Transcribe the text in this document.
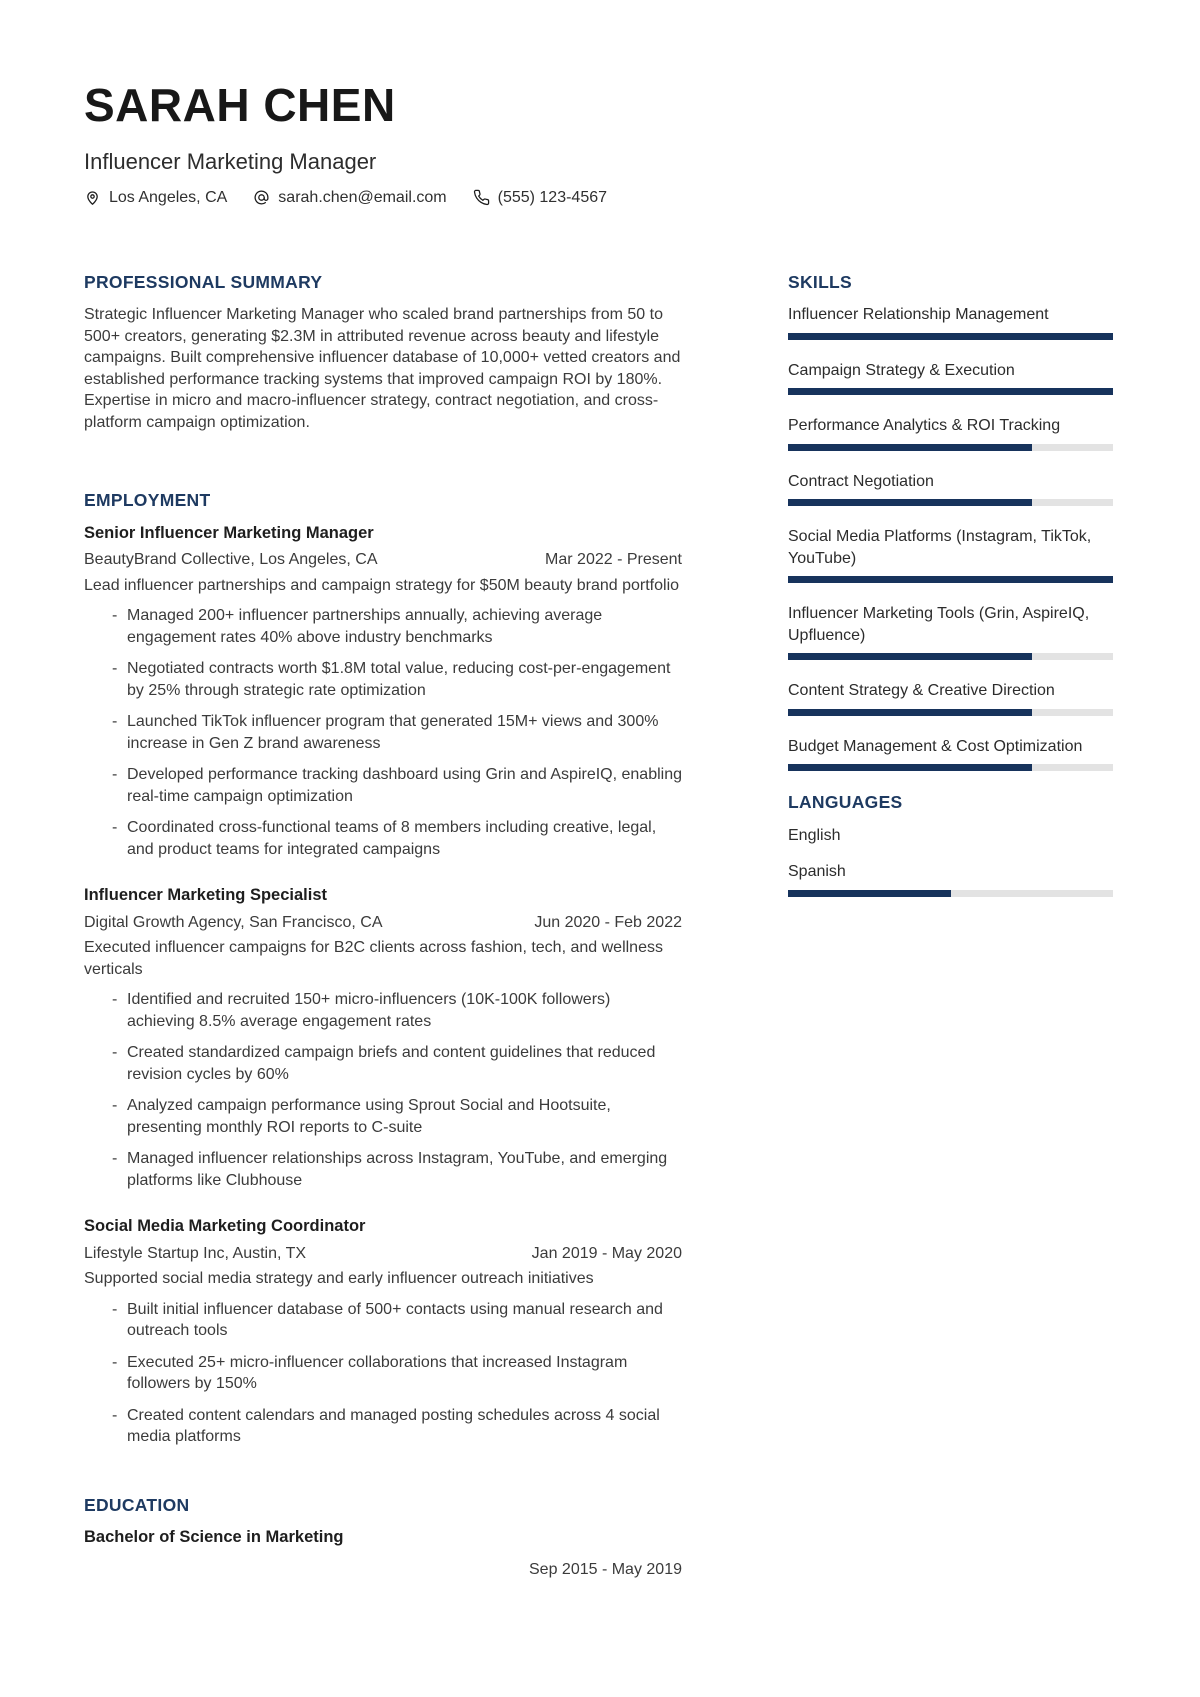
SARAH CHEN
Influencer Marketing Manager
Los Angeles, CA	sarah.chen@email.com	(555) 123-4567
PROFESSIONAL SUMMARY
Strategic Influencer Marketing Manager who scaled brand partnerships from 50 to 500+ creators, generating $2.3M in attributed revenue across beauty and lifestyle campaigns. Built comprehensive influencer database of 10,000+ vetted creators and established performance tracking systems that improved campaign ROI by 180%. Expertise in micro and macro-influencer strategy, contract negotiation, and cross-platform campaign optimization.
EMPLOYMENT
Senior Influencer Marketing Manager
BeautyBrand Collective, Los Angeles, CA	Mar 2022 - Present
Lead influencer partnerships and campaign strategy for $50M beauty brand portfolio
- Managed 200+ influencer partnerships annually, achieving average engagement rates 40% above industry benchmarks
- Negotiated contracts worth $1.8M total value, reducing cost-per-engagement by 25% through strategic rate optimization
- Launched TikTok influencer program that generated 15M+ views and 300% increase in Gen Z brand awareness
- Developed performance tracking dashboard using Grin and AspireIQ, enabling real-time campaign optimization
- Coordinated cross-functional teams of 8 members including creative, legal, and product teams for integrated campaigns
Influencer Marketing Specialist
Digital Growth Agency, San Francisco, CA	Jun 2020 - Feb 2022
Executed influencer campaigns for B2C clients across fashion, tech, and wellness verticals
- Identified and recruited 150+ micro-influencers (10K-100K followers) achieving 8.5% average engagement rates
- Created standardized campaign briefs and content guidelines that reduced revision cycles by 60%
- Analyzed campaign performance using Sprout Social and Hootsuite, presenting monthly ROI reports to C-suite
- Managed influencer relationships across Instagram, YouTube, and emerging platforms like Clubhouse
Social Media Marketing Coordinator
Lifestyle Startup Inc, Austin, TX	Jan 2019 - May 2020
Supported social media strategy and early influencer outreach initiatives
- Built initial influencer database of 500+ contacts using manual research and outreach tools
- Executed 25+ micro-influencer collaborations that increased Instagram followers by 150%
- Created content calendars and managed posting schedules across 4 social media platforms
EDUCATION
Bachelor of Science in Marketing
Sep 2015 - May 2019
SKILLS
Influencer Relationship Management
Campaign Strategy & Execution
Performance Analytics & ROI Tracking
Contract Negotiation
Social Media Platforms (Instagram, TikTok, YouTube)
Influencer Marketing Tools (Grin, AspireIQ, Upfluence)
Content Strategy & Creative Direction
Budget Management & Cost Optimization
LANGUAGES
English
Spanish
